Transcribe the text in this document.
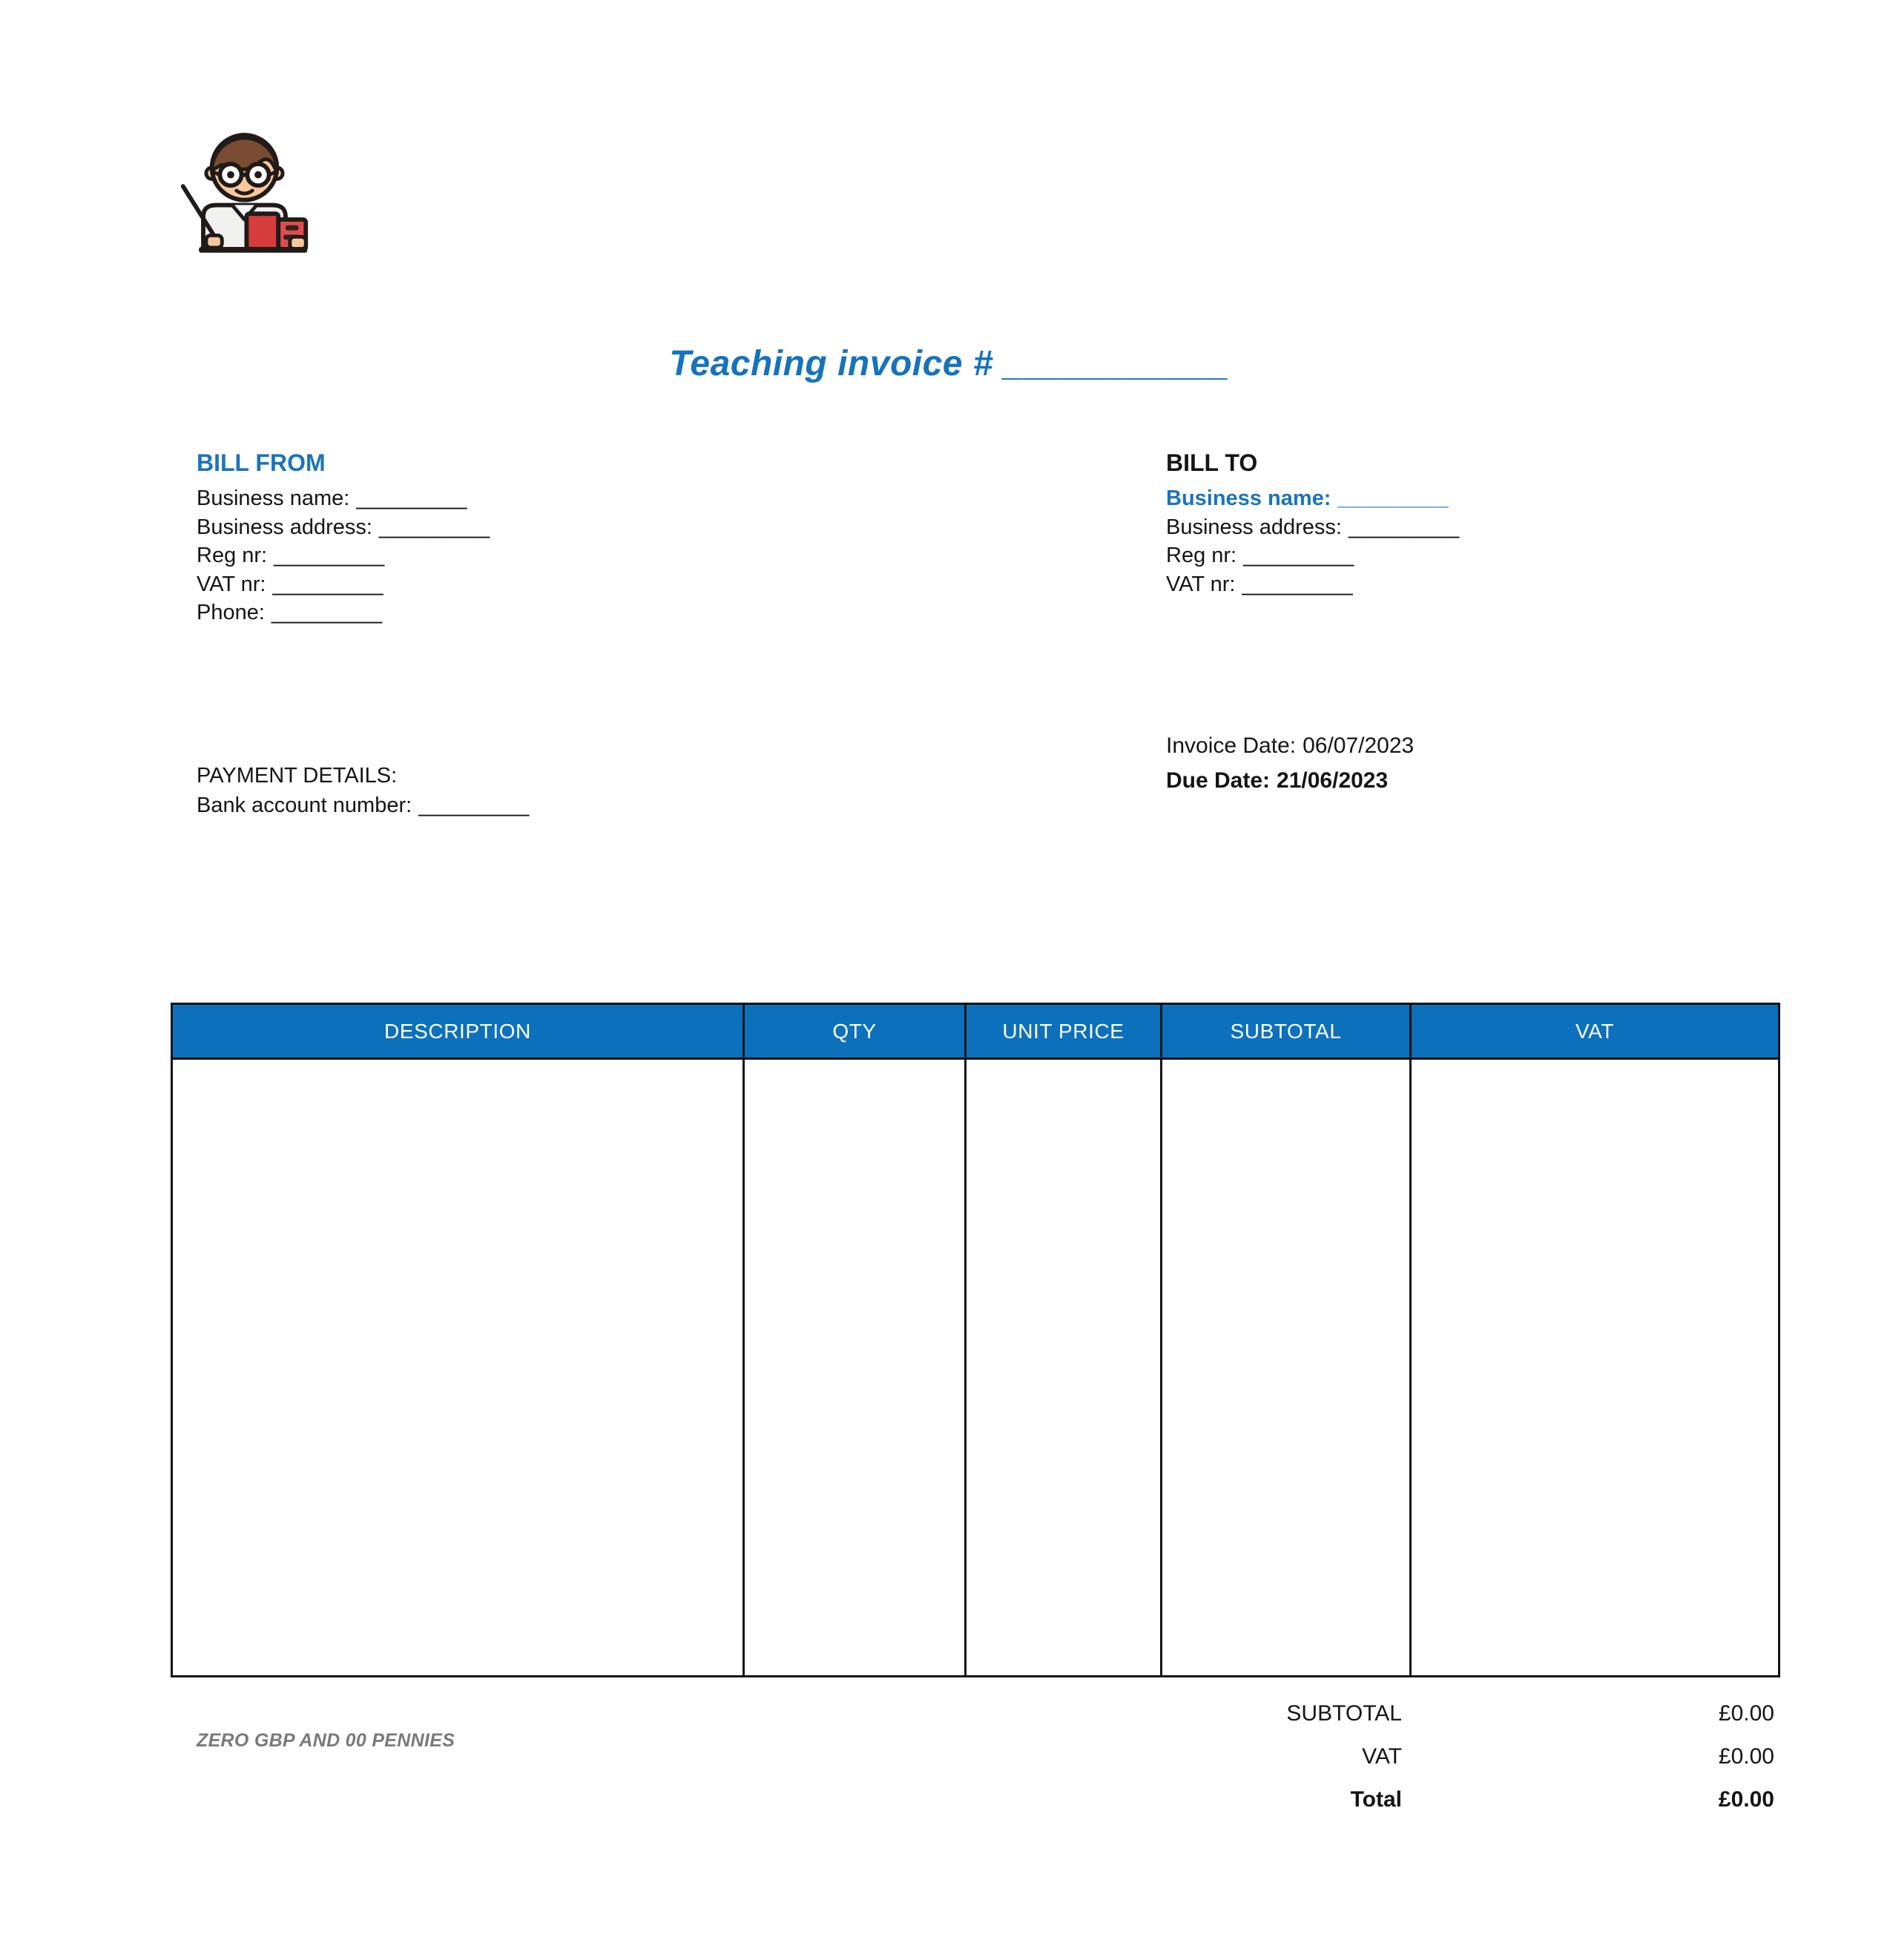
Teaching invoice # ___________
BILL FROM
Business name: _________
Business address: _________
Reg nr: _________
VAT nr: _________
Phone: _________
BILL TO
Business name: _________
Business address: _________
Reg nr: _________
VAT nr: _________
Invoice Date: 06/07/2023
Due Date: 21/06/2023
PAYMENT DETAILS:
Bank account number: _________
DESCRIPTION	QTY	UNIT PRICE	SUBTOTAL	VAT
SUBTOTAL	£0.00
VAT	£0.00
Total	£0.00
ZERO GBP AND 00 PENNIES
